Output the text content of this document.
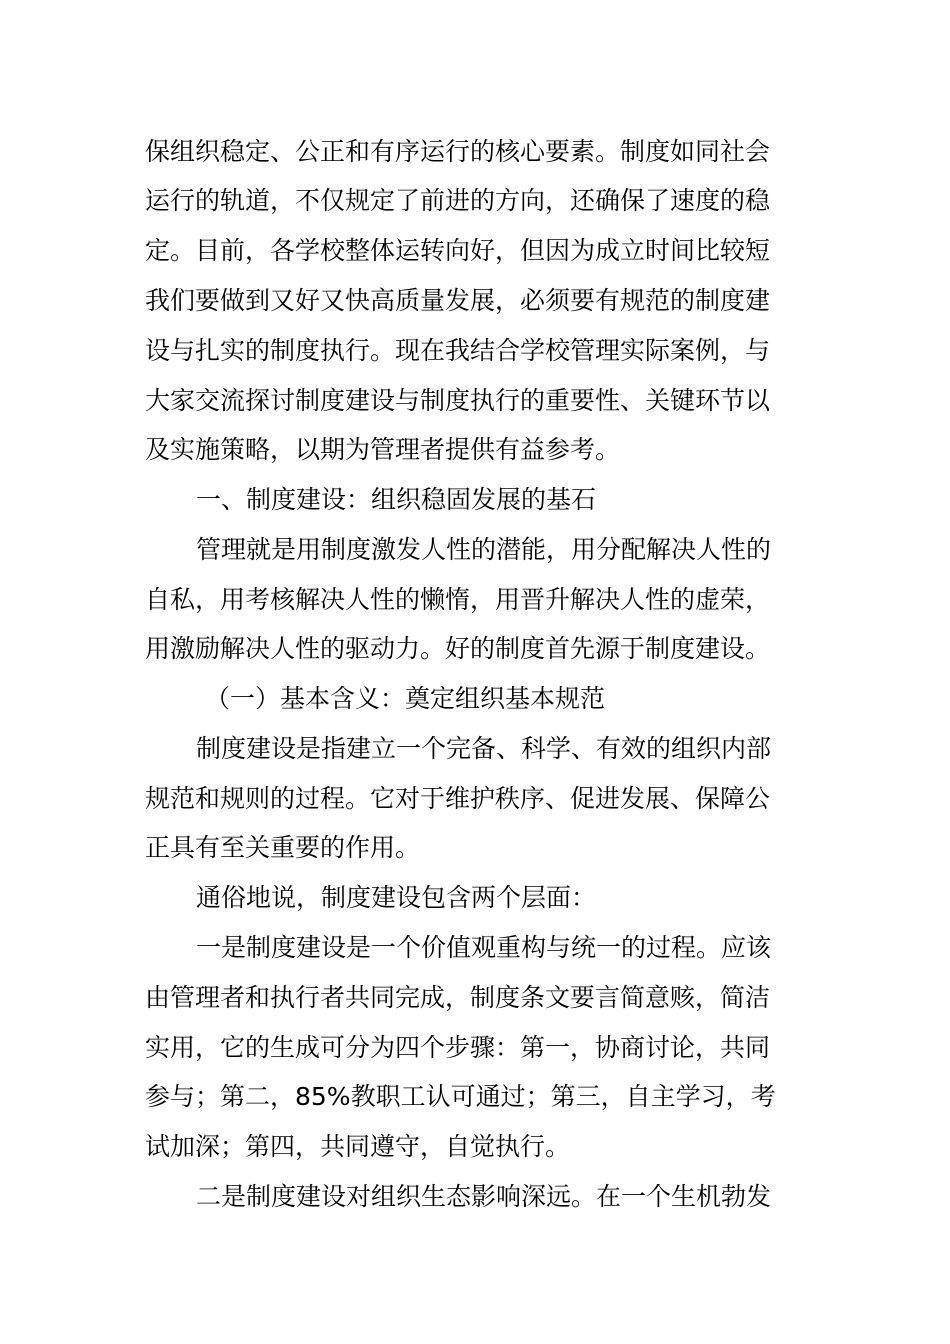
保组织稳定、公正和有序运行的核心要素。制度如同社会
运行的轨道，不仅规定了前进的方向，还确保了速度的稳
定。目前，各学校整体运转向好，但因为成立时间比较短
我们要做到又好又快高质量发展，必须要有规范的制度建
设与扎实的制度执行。现在我结合学校管理实际案例，与
大家交流探讨制度建设与制度执行的重要性、关键环节以
及实施策略，以期为管理者提供有益参考。
一、制度建设：组织稳固发展的基石
管理就是用制度激发人性的潜能，用分配解决人性的
自私，用考核解决人性的懒惰，用晋升解决人性的虚荣，
用激励解决人性的驱动力。好的制度首先源于制度建设。
（一）基本含义：奠定组织基本规范
制度建设是指建立一个完备、科学、有效的组织内部
规范和规则的过程。它对于维护秩序、促进发展、保障公
正具有至关重要的作用。
通俗地说，制度建设包含两个层面：
一是制度建设是一个价值观重构与统一的过程。应该
由管理者和执行者共同完成，制度条文要言简意赅，简洁
实用，它的生成可分为四个步骤：第一，协商讨论，共同
参与；第二，85%教职工认可通过；第三，自主学习，考
试加深；第四，共同遵守，自觉执行。
二是制度建设对组织生态影响深远。在一个生机勃发
